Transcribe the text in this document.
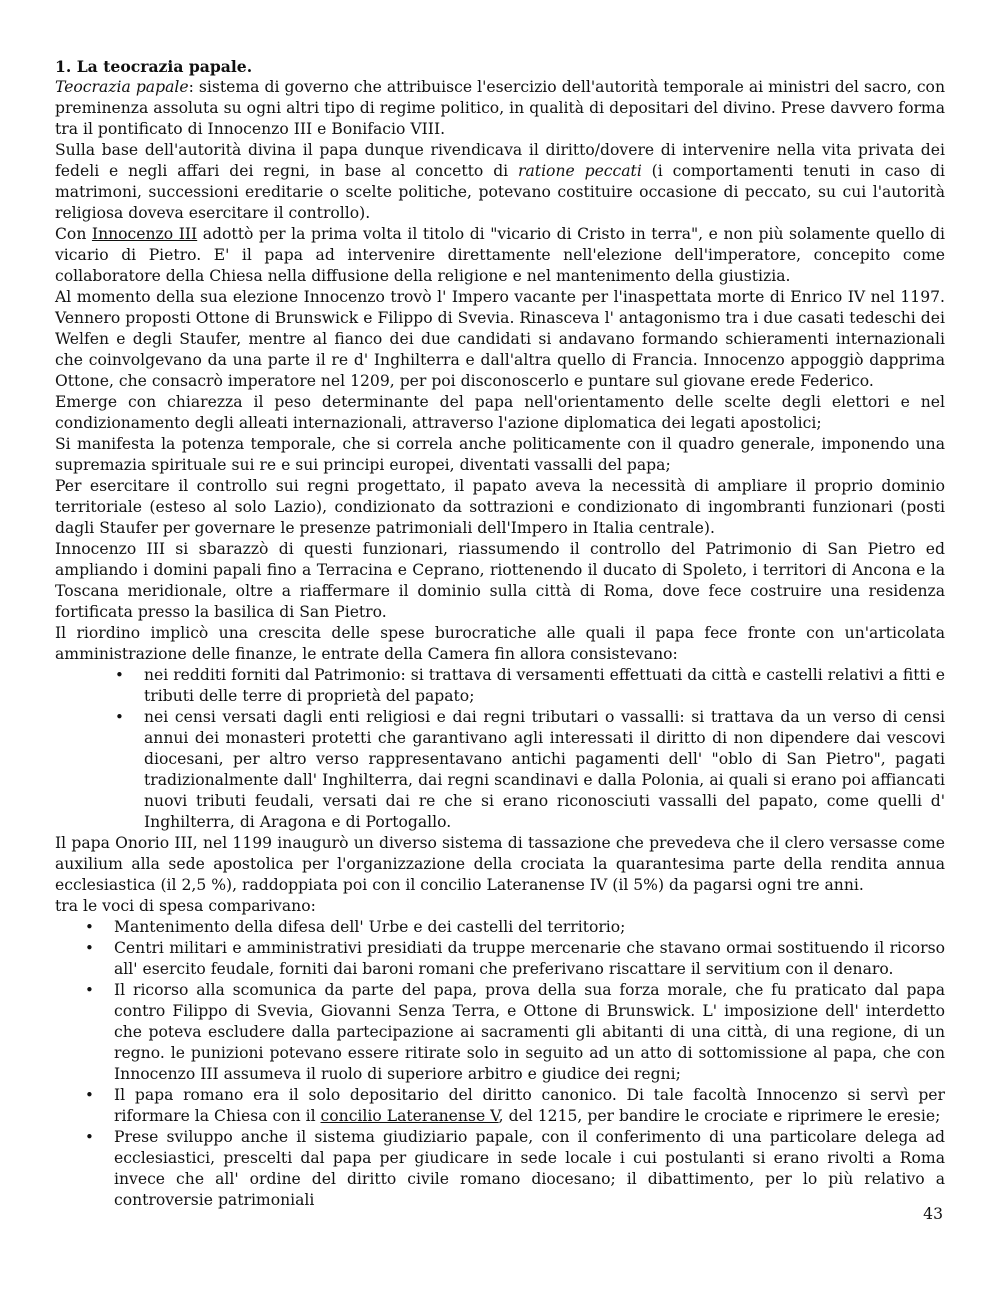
1. La teocrazia papale.

Teocrazia papale: sistema di governo che attribuisce l'esercizio dell'autorità temporale ai ministri del sacro, con preminenza assoluta su ogni altri tipo di regime politico, in qualità di depositari del divino. Prese davvero forma tra il pontificato di Innocenzo III e Bonifacio VIII.

Sulla base dell'autorità divina il papa dunque rivendicava il diritto/dovere di intervenire nella vita privata dei fedeli e negli affari dei regni, in base al concetto di ratione peccati (i comportamenti tenuti in caso di matrimoni, successioni ereditarie o scelte politiche, potevano costituire occasione di peccato, su cui l'autorità religiosa doveva esercitare il controllo).

Con Innocenzo III adottò per la prima volta il titolo di "vicario di Cristo in terra", e non più solamente quello di vicario di Pietro. E' il papa ad intervenire direttamente nell'elezione dell'imperatore, concepito come collaboratore della Chiesa nella diffusione della religione e nel mantenimento della giustizia.

Al momento della sua elezione Innocenzo trovò l' Impero vacante per l'inaspettata morte di Enrico IV nel 1197. Vennero proposti Ottone di Brunswick e Filippo di Svevia. Rinasceva l' antagonismo tra i due casati tedeschi dei Welfen e degli Staufer, mentre al fianco dei due candidati si andavano formando schieramenti internazionali che coinvolgevano da una parte il re d' Inghilterra e dall'altra quello di Francia. Innocenzo appoggiò dapprima Ottone, che consacrò imperatore nel 1209, per poi disconoscerlo e puntare sul giovane erede Federico.

Emerge con chiarezza il peso determinante del papa nell'orientamento delle scelte degli elettori e nel condizionamento degli alleati internazionali, attraverso l'azione diplomatica dei legati apostolici;

Si manifesta la potenza temporale, che si correla anche politicamente con il quadro generale, imponendo una supremazia spirituale sui re e sui principi europei, diventati vassalli del papa;

Per esercitare il controllo sui regni progettato, il papato aveva la necessità di ampliare il proprio dominio territoriale (esteso al solo Lazio), condizionato da sottrazioni e condizionato di ingombranti funzionari (posti dagli Staufer per governare le presenze patrimoniali dell'Impero in Italia centrale).

Innocenzo III si sbarazzò di questi funzionari, riassumendo il controllo del Patrimonio di San Pietro ed ampliando i domini papali fino a Terracina e Ceprano, riottenendo il ducato di Spoleto, i territori di Ancona e la Toscana meridionale, oltre a riaffermare il dominio sulla città di Roma, dove fece costruire una residenza fortificata presso la basilica di San Pietro.

Il riordino implicò una crescita delle spese burocratiche alle quali il papa fece fronte con un'articolata amministrazione delle finanze, le entrate della Camera fin allora consistevano:

• nei redditi forniti dal Patrimonio: si trattava di versamenti effettuati da città e castelli relativi a fitti e tributi delle terre di proprietà del papato;
• nei censi versati dagli enti religiosi e dai regni tributari o vassalli: si trattava da un verso di censi annui dei monasteri protetti che garantivano agli interessati il diritto di non dipendere dai vescovi diocesani, per altro verso rappresentavano antichi pagamenti dell' "oblo di San Pietro", pagati tradizionalmente dall' Inghilterra, dai regni scandinavi e dalla Polonia, ai quali si erano poi affiancati nuovi tributi feudali, versati dai re che si erano riconosciuti vassalli del papato, come quelli d' Inghilterra, di Aragona e di Portogallo.

Il papa Onorio III, nel 1199 inaugurò un diverso sistema di tassazione che prevedeva che il clero versasse come auxilium alla sede apostolica per l'organizzazione della crociata la quarantesima parte della rendita annua ecclesiastica (il 2,5 %), raddoppiata poi con il concilio Lateranense IV (il 5%) da pagarsi ogni tre anni.

tra le voci di spesa comparivano:

• Mantenimento della difesa dell' Urbe e dei castelli del territorio;
• Centri militari e amministrativi presidiati da truppe mercenarie che stavano ormai sostituendo il ricorso all' esercito feudale, forniti dai baroni romani che preferivano riscattare il servitium con il denaro.
• Il ricorso alla scomunica da parte del papa, prova della sua forza morale, che fu praticato dal papa contro Filippo di Svevia, Giovanni Senza Terra, e Ottone di Brunswick. L' imposizione dell' interdetto che poteva escludere dalla partecipazione ai sacramenti gli abitanti di una città, di una regione, di un regno. le punizioni potevano essere ritirate solo in seguito ad un atto di sottomissione al papa, che con Innocenzo III assumeva il ruolo di superiore arbitro e giudice dei regni;
• Il papa romano era il solo depositario del diritto canonico. Di tale facoltà Innocenzo si servì per riformare la Chiesa con il concilio Lateranense V, del 1215, per bandire le crociate e riprimere le eresie;
• Prese sviluppo anche il sistema giudiziario papale, con il conferimento di una particolare delega ad ecclesiastici, prescelti dal papa per giudicare in sede locale i cui postulanti si erano rivolti a Roma invece che all' ordine del diritto civile romano diocesano; il dibattimento, per lo più relativo a controversie patrimoniali
43
